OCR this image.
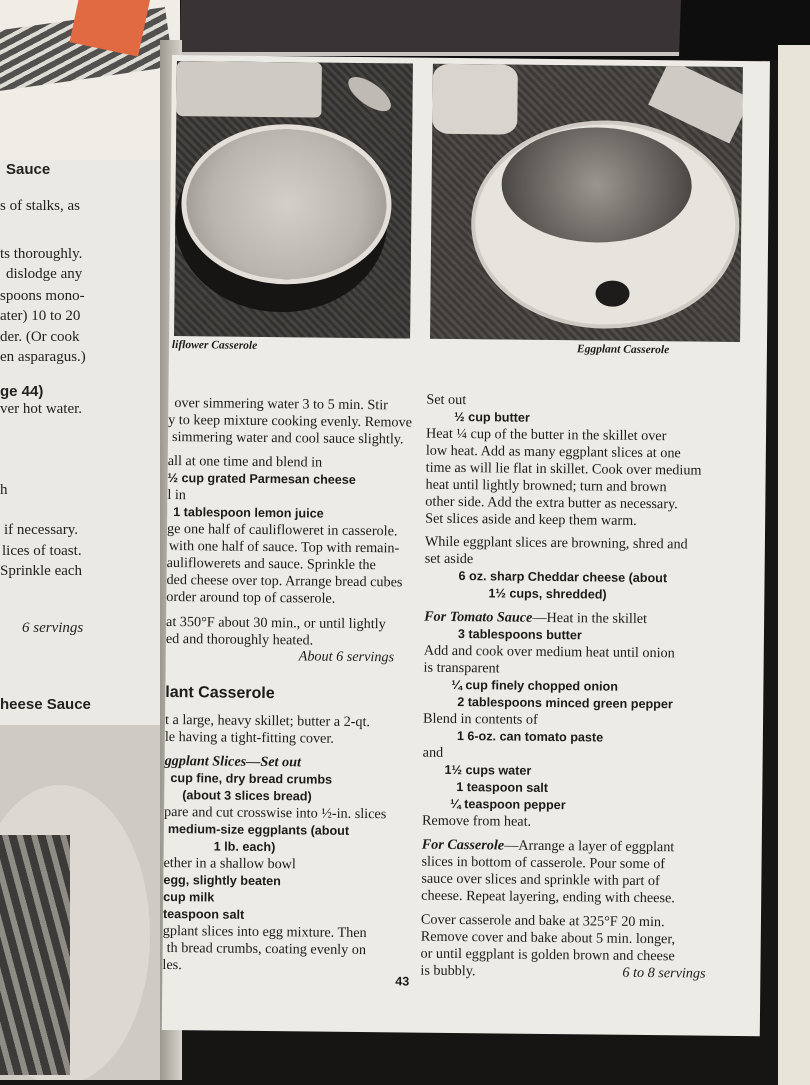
Sauce
s of stalks, as
ts thoroughly.
dislodge any
spoons mono-
ater) 10 to 20
der. (Or cook
en asparagus.)
ge 44)
ver hot water.
h
if necessary.
lices of toast.
Sprinkle each
6 servings
heese Sauce
liflower Casserole	Eggplant Casserole
over simmering water 3 to 5 min. Stir
y to keep mixture cooking evenly. Remove
simmering water and cool sauce slightly.
all at one time and blend in
½ cup grated Parmesan cheese
l in
1 tablespoon lemon juice
ge one half of caulifloweret in casserole.
with one half of sauce. Top with remain-
auliflowerets and sauce. Sprinkle the
ded cheese over top. Arrange bread cubes
order around top of casserole.
at 350°F about 30 min., or until lightly
ed and thoroughly heated.
About 6 servings
lant Casserole
t a large, heavy skillet; butter a 2-qt.
le having a tight-fitting cover.
ggplant Slices—Set out
cup fine, dry bread crumbs
(about 3 slices bread)
pare and cut crosswise into ½-in. slices
medium-size eggplants (about
1 lb. each)
ether in a shallow bowl
egg, slightly beaten
cup milk
teaspoon salt
gplant slices into egg mixture. Then
th bread crumbs, coating evenly on
les.
Set out
½ cup butter
Heat ¼ cup of the butter in the skillet over
low heat. Add as many eggplant slices at one
time as will lie flat in skillet. Cook over medium
heat until lightly browned; turn and brown
other side. Add the extra butter as necessary.
Set slices aside and keep them warm.
While eggplant slices are browning, shred and
set aside
6 oz. sharp Cheddar cheese (about
1½ cups, shredded)
For Tomato Sauce—Heat in the skillet
3 tablespoons butter
Add and cook over medium heat until onion
is transparent
¼ cup finely chopped onion
2 tablespoons minced green pepper
Blend in contents of
1 6-oz. can tomato paste
and
1½ cups water
1 teaspoon salt
¼ teaspoon pepper
Remove from heat.
For Casserole—Arrange a layer of eggplant
slices in bottom of casserole. Pour some of
sauce over slices and sprinkle with part of
cheese. Repeat layering, ending with cheese.
Cover casserole and bake at 325°F 20 min.
Remove cover and bake about 5 min. longer,
or until eggplant is golden brown and cheese
is bubbly.	6 to 8 servings
43
